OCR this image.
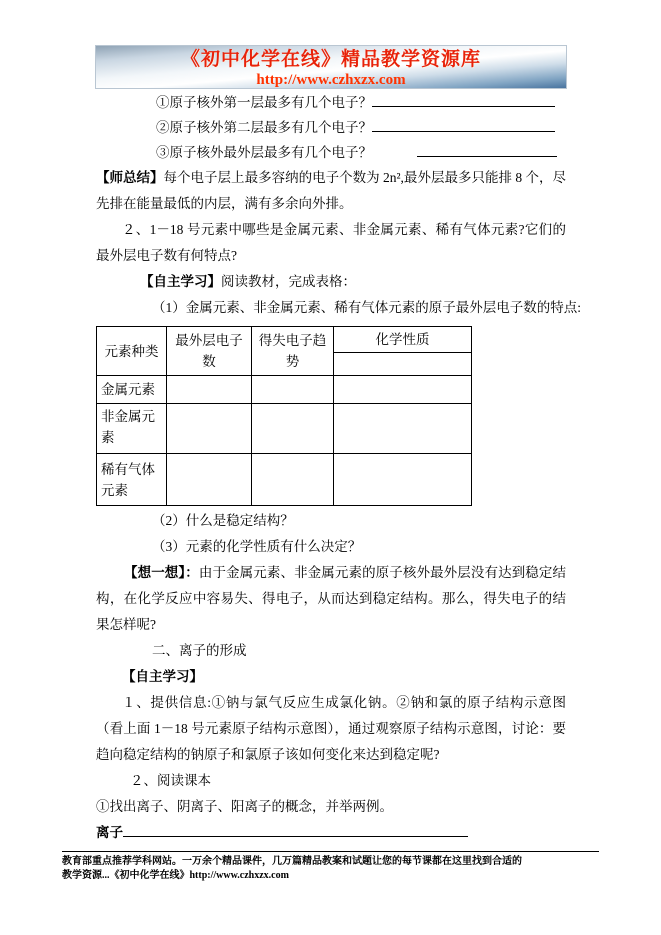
《初中化学在线》精品教学资源库
http://www.czhxzx.com
①原子核外第一层最多有几个电子？
②原子核外第二层最多有几个电子？
③原子核外最外层最多有几个电子？
【师总结】每个电子层上最多容纳的电子个数为 2n²,最外层最多只能排 8 个，尽先排在能量最低的内层，满有多余向外排。
２、1－18 号元素中哪些是金属元素、非金属元素、稀有气体元素?它们的最外层电子数有何特点?
【自主学习】阅读教材，完成表格：
（1）金属元素、非金属元素、稀有气体元素的原子最外层电子数的特点:
元素种类	最外层电子数	得失电子趋势	化学性质

金属元素			
非金属元素			
稀有气体元素			
（2）什么是稳定结构？
（3）元素的化学性质有什么决定？
【想一想】：由于金属元素、非金属元素的原子核外最外层没有达到稳定结构，在化学反应中容易失、得电子，从而达到稳定结构。那么，得失电子的结果怎样呢?
二、离子的形成
【自主学习】
１、提供信息:①钠与氯气反应生成氯化钠。②钠和氯的原子结构示意图（看上面 1－18 号元素原子结构示意图），通过观察原子结构示意图，讨论：要趋向稳定结构的钠原子和氯原子该如何变化来达到稳定呢?
２、阅读课本
①找出离子、阴离子、阳离子的概念，并举两例。
离子
教育部重点推荐学科网站。一万余个精品课件，几万篇精品教案和试题让您的每节课都在这里找到合适的
教学资源...《初中化学在线》http://www.czhxzx.com
